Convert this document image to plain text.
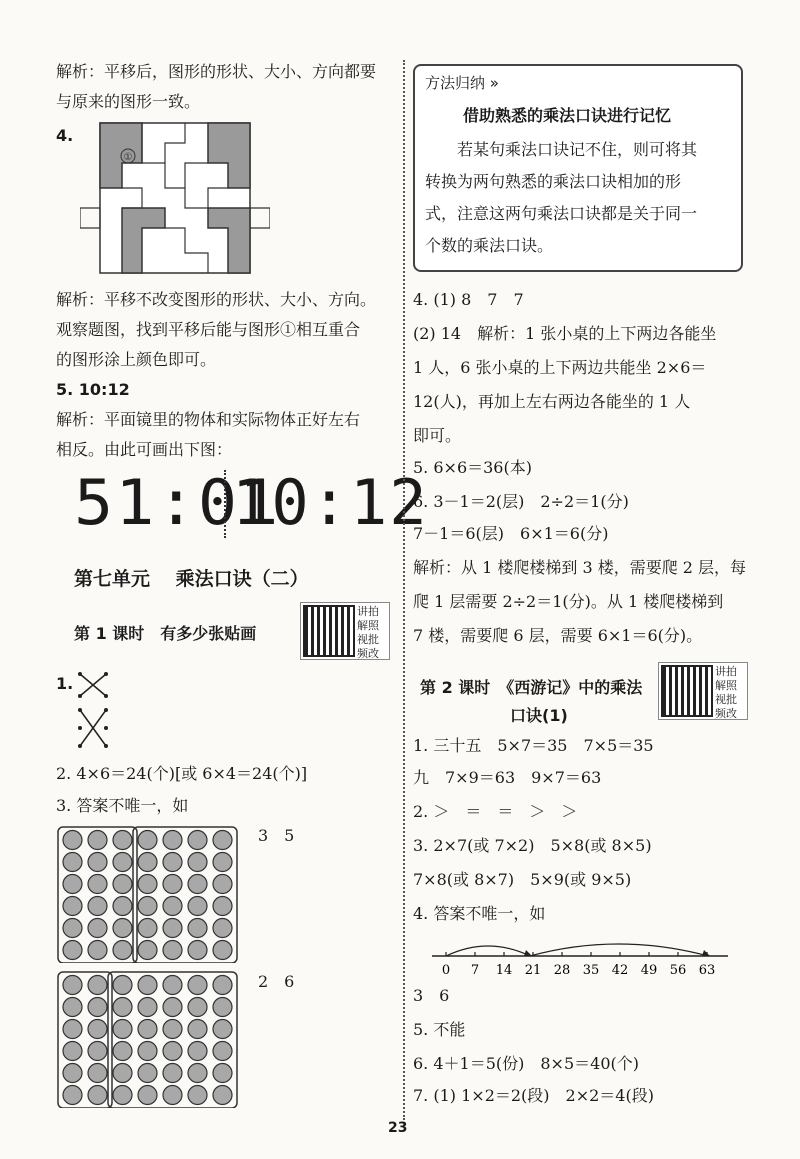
解析：平移后，图形的形状、大小、方向都要
与原来的图形一致。
4.
①
解析：平移不改变图形的形状、大小、方向。
观察题图，找到平移后能与图形①相互重合
的图形涂上颜色即可。
5. 10:12
解析：平面镜里的物体和实际物体正好左右
相反。由此可画出下图：
51:01
10:12
第七单元　 乘法口诀（二）
第 1 课时　有多少张贴画
讲拍解照视批频改
1.
2. 4×6＝24(个)[或 6×4＝24(个)]
3. 答案不唯一，如
3　5
2　6
方法归纳 »
借助熟悉的乘法口诀进行记忆
　　若某句乘法口诀记不住，则可将其
转换为两句熟悉的乘法口诀相加的形
式，注意这两句乘法口诀都是关于同一
个数的乘法口诀。
4. (1) 8　7　7
(2) 14　解析：1 张小桌的上下两边各能坐
1 人，6 张小桌的上下两边共能坐 2×6＝
12(人)，再加上左右两边各能坐的 1 人
即可。
5. 6×6＝36(本)
6. 3－1＝2(层)　2÷2＝1(分)
7－1＝6(层)　6×1＝6(分)
解析：从 1 楼爬楼梯到 3 楼，需要爬 2 层，每
爬 1 层需要 2÷2＝1(分)。从 1 楼爬楼梯到
7 楼，需要爬 6 层，需要 6×1＝6(分)。
第 2 课时　《西游记》中的乘法
口诀(1)
讲拍解照视批频改
1. 三十五　5×7＝35　7×5＝35
九　7×9＝63　9×7＝63
2. ＞　＝　＝　＞　＞
3. 2×7(或 7×2)　5×8(或 8×5)
7×8(或 8×7)　5×9(或 9×5)
4. 答案不唯一，如
0 7 14 21 28 35 42 49 56 63
3　6
5. 不能
6. 4＋1＝5(份)　8×5＝40(个)
7. (1) 1×2＝2(段)　2×2＝4(段)
23
